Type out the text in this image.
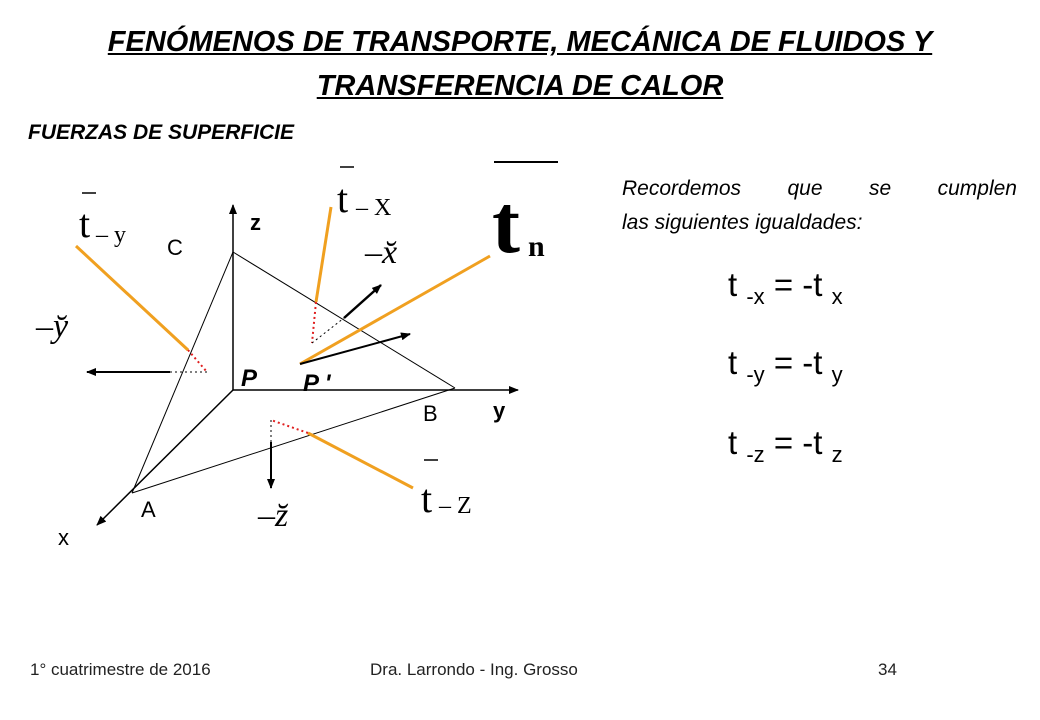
FENÓMENOS DE TRANSPORTE, MECÁNICA DE FLUIDOS Y
TRANSFERENCIA DE CALOR
FUERZAS DE SUPERFICIE
Recordemos que se cumplen
las siguientes igualdades:
t $_{-x}$ = -t $_x$
t $_{-y}$ = -t $_y$
t $_{-z}$ = -t $_z$
z
y
x
C
B
A
P P '
t – y
t – X t n
t – Z
–x̆
–y̆
–z̆
1° cuatrimestre de 2016	Dra. Larrondo - Ing. Grosso	34
